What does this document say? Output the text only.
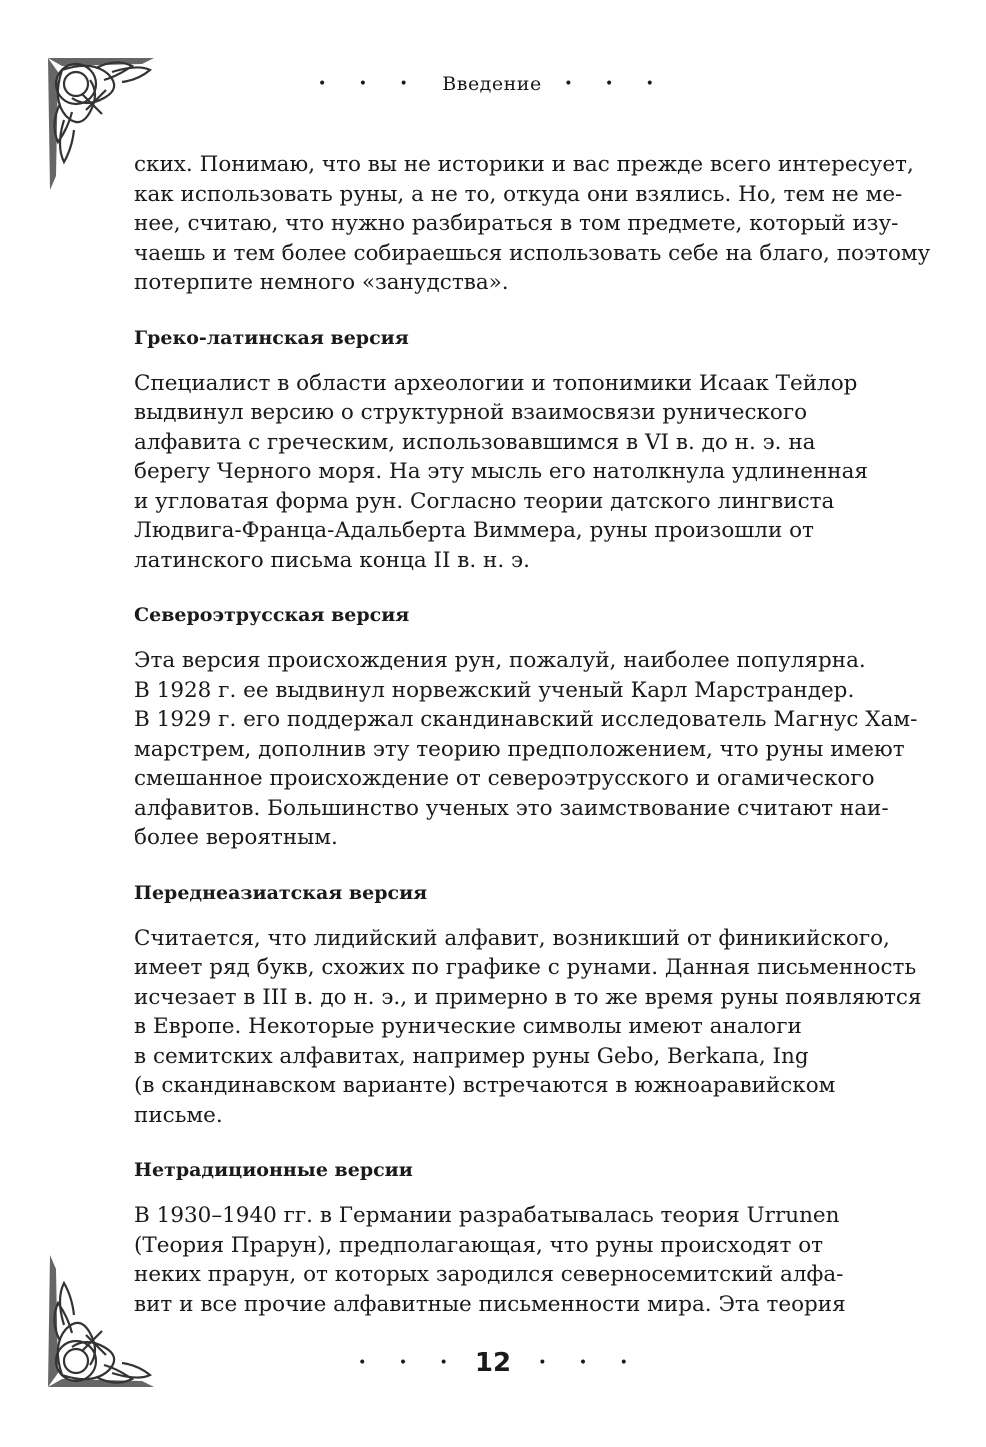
• • • Введение • • •

ских. Понимаю, что вы не историки и вас прежде всего интересует,
как использовать руны, а не то, откуда они взялись. Но, тем не ме-
нее, считаю, что нужно разбираться в том предмете, который изу-
чаешь и тем более собираешься использовать себе на благо, поэтому
потерпите немного «занудства».

Греко-латинская версия

Специалист в области археологии и топонимики Исаак Тейлор
выдвинул версию о структурной взаимосвязи рунического
алфавита с греческим, использовавшимся в VI в. до н. э. на
берегу Черного моря. На эту мысль его натолкнула удлиненная
и угловатая форма рун. Согласно теории датского лингвиста
Людвига-Франца-Адальберта Виммера, руны произошли от
латинского письма конца II в. н. э.

Североэтрусская версия

Эта версия происхождения рун, пожалуй, наиболее популярна.
В 1928 г. ее выдвинул норвежский ученый Карл Марстрандер.
В 1929 г. его поддержал скандинавский исследователь Магнус Хам-
марстрем, дополнив эту теорию предположением, что руны имеют
смешанное происхождение от североэтрусского и огамического
алфавитов. Большинство ученых это заимствование считают наи-
более вероятным.

Переднеазиатская версия

Считается, что лидийский алфавит, возникший от финикийского,
имеет ряд букв, схожих по графике с рунами. Данная письменность
исчезает в III в. до н. э., и примерно в то же время руны появляются
в Европе. Некоторые рунические символы имеют аналоги
в семитских алфавитах, например руны Gebo, Berkапа, Ing
(в скандинавском варианте) встречаются в южноаравийском
письме.

Нетрадиционные версии

В 1930–1940 гг. в Германии разрабатывалась теория Urrunen
(Теория Прарун), предполагающая, что руны происходят от
неких прарун, от которых зародился северносемитский алфа-
вит и все прочие алфавитные письменности мира. Эта теория

• • • 12 • • •
